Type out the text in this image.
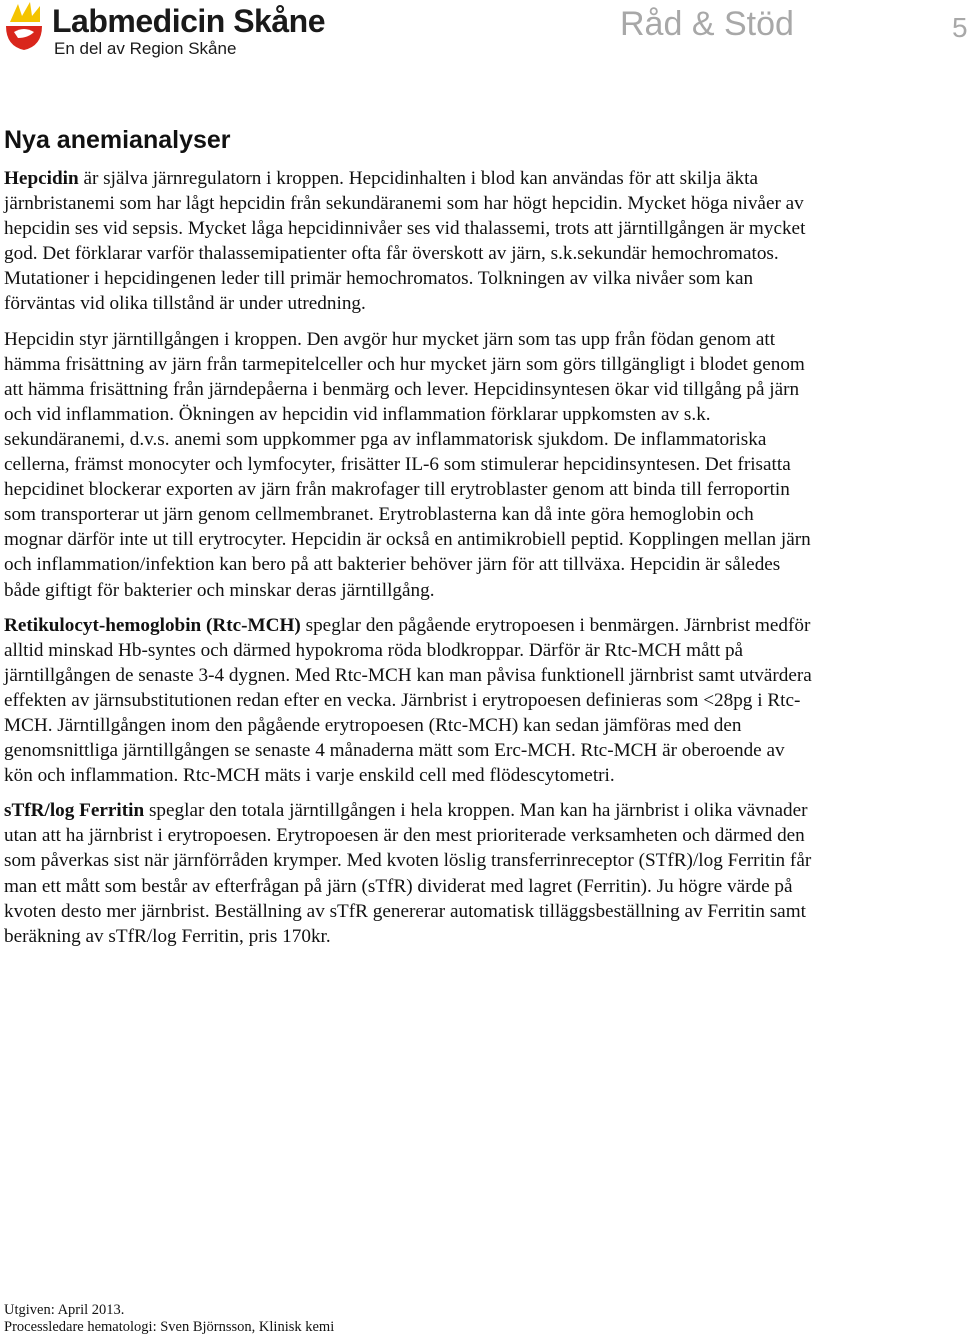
Labmedicin Skåne
En del av Region Skåne
Råd & Stöd	5
Nya anemianalyser

Hepcidin är själva järnregulatorn i kroppen. Hepcidinhalten i blod kan användas för att skilja äkta järnbristanemi som har lågt hepcidin från sekundäranemi som har högt hepcidin. Mycket höga nivåer av hepcidin ses vid sepsis. Mycket låga hepcidinnivåer ses vid thalassemi, trots att järntillgången är mycket god. Det förklarar varför thalassemipatienter ofta får överskott av järn, s.k.sekundär hemochromatos. Mutationer i hepcidingenen leder till primär hemochromatos. Tolkningen av vilka nivåer som kan förväntas vid olika tillstånd är under utredning.

Hepcidin styr järntillgången i kroppen. Den avgör hur mycket järn som tas upp från födan genom att hämma frisättning av järn från tarmepitelceller och hur mycket järn som görs tillgängligt i blodet genom att hämma frisättning från järndepåerna i benmärg och lever. Hepcidinsyntesen ökar vid tillgång på järn och vid inflammation. Ökningen av hepcidin vid inflammation förklarar uppkomsten av s.k. sekundäranemi, d.v.s. anemi som uppkommer pga av inflammatorisk sjukdom. De inflammatoriska cellerna, främst monocyter och lymfocyter, frisätter IL-6 som stimulerar hepcidinsyntesen. Det frisatta hepcidinet blockerar exporten av järn från makrofager till erytroblaster genom att binda till ferroportin som transporterar ut järn genom cellmembranet. Erytroblasterna kan då inte göra hemoglobin och mognar därför inte ut till erytrocyter. Hepcidin är också en antimikrobiell peptid. Kopplingen mellan järn och inflammation/infektion kan bero på att bakterier behöver järn för att tillväxa. Hepcidin är således både giftigt för bakterier och minskar deras järntillgång.

Retikulocyt-hemoglobin (Rtc-MCH) speglar den pågående erytropoesen i benmärgen. Järnbrist medför alltid minskad Hb-syntes och därmed hypokroma röda blodkroppar. Därför är Rtc-MCH mått på järntillgången de senaste 3-4 dygnen. Med Rtc-MCH kan man påvisa funktionell järnbrist samt utvärdera effekten av järnsubstitutionen redan efter en vecka. Järnbrist i erytropoesen definieras som <28pg i Rtc-MCH. Järntillgången inom den pågående erytropoesen (Rtc-MCH) kan sedan jämföras med den genomsnittliga järntillgången se senaste 4 månaderna mätt som Erc-MCH. Rtc-MCH är oberoende av kön och inflammation. Rtc-MCH mäts i varje enskild cell med flödescytometri.

sTfR/log Ferritin speglar den totala järntillgången i hela kroppen. Man kan ha järnbrist i olika vävnader utan att ha järnbrist i erytropoesen. Erytropoesen är den mest prioriterade verksamheten och därmed den som påverkas sist när järnförråden krymper. Med kvoten löslig transferrinreceptor (STfR)/log Ferritin får man ett mått som består av efterfrågan på järn (sTfR) dividerat med lagret (Ferritin). Ju högre värde på kvoten desto mer järnbrist. Beställning av sTfR genererar automatisk tilläggsbeställning av Ferritin samt beräkning av sTfR/log Ferritin, pris 170kr.

Utgiven: April 2013.
Processledare hematologi: Sven Björnsson, Klinisk kemi
